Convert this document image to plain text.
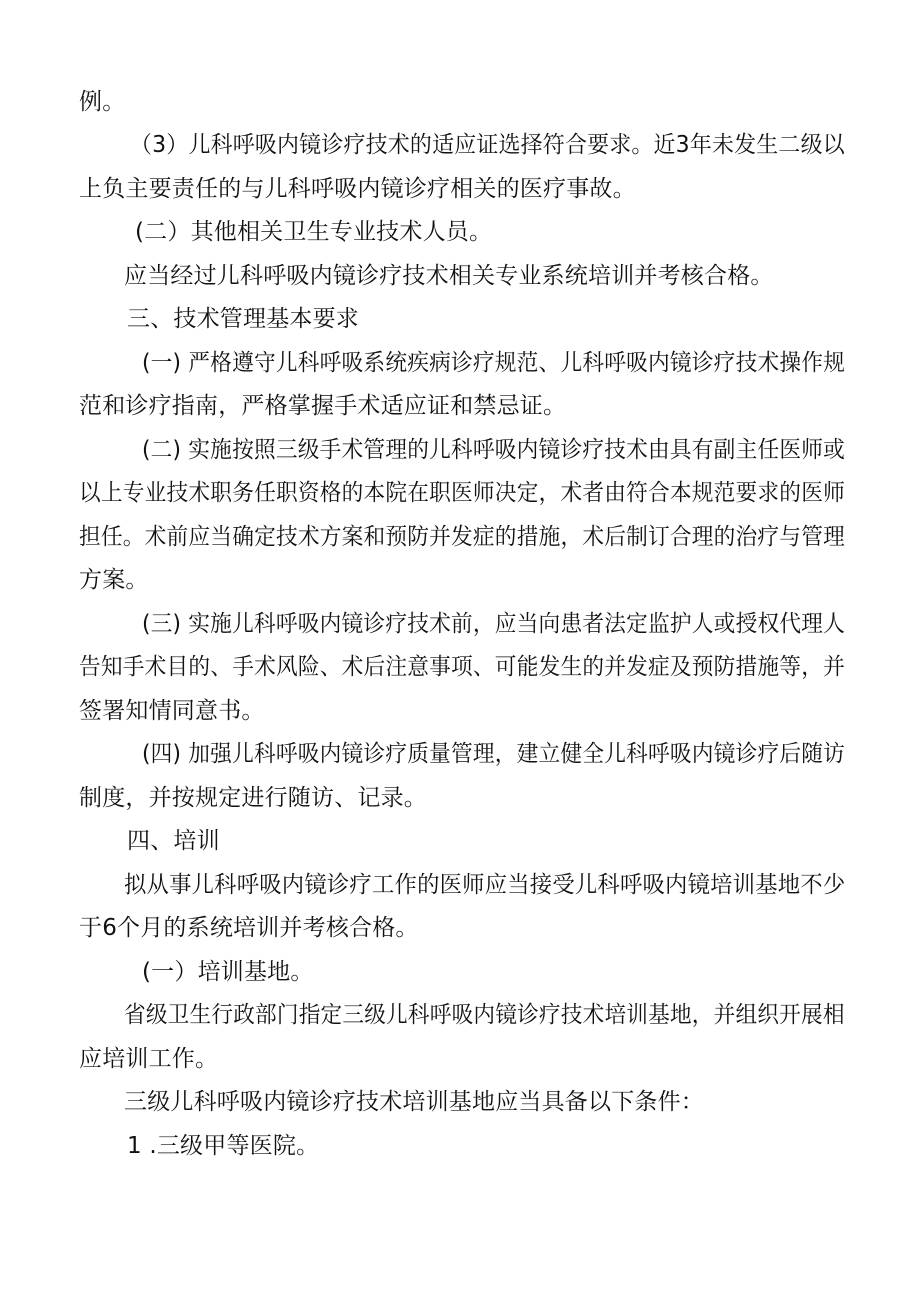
例。
（3）儿科呼吸内镜诊疗技术的适应证选择符合要求。近3年未发生二级以
上负主要责任的与儿科呼吸内镜诊疗相关的医疗事故。
(二）其他相关卫生专业技术人员。
应当经过儿科呼吸内镜诊疗技术相关专业系统培训并考核合格。
三、技术管理基本要求
(一) 严格遵守儿科呼吸系统疾病诊疗规范、儿科呼吸内镜诊疗技术操作规
范和诊疗指南，严格掌握手术适应证和禁忌证。
(二) 实施按照三级手术管理的儿科呼吸内镜诊疗技术由具有副主任医师或
以上专业技术职务任职资格的本院在职医师决定，术者由符合本规范要求的医师
担任。术前应当确定技术方案和预防并发症的措施，术后制订合理的治疗与管理
方案。
(三) 实施儿科呼吸内镜诊疗技术前，应当向患者法定监护人或授权代理人
告知手术目的、手术风险、术后注意事项、可能发生的并发症及预防措施等，并
签署知情同意书。
(四) 加强儿科呼吸内镜诊疗质量管理，建立健全儿科呼吸内镜诊疗后随访
制度，并按规定进行随访、记录。
四、培训
拟从事儿科呼吸内镜诊疗工作的医师应当接受儿科呼吸内镜培训基地不少
于6个月的系统培训并考核合格。
(一）培训基地。
省级卫生行政部门指定三级儿科呼吸内镜诊疗技术培训基地，并组织开展相
应培训工作。
三级儿科呼吸内镜诊疗技术培训基地应当具备以下条件：
1 .三级甲等医院。
